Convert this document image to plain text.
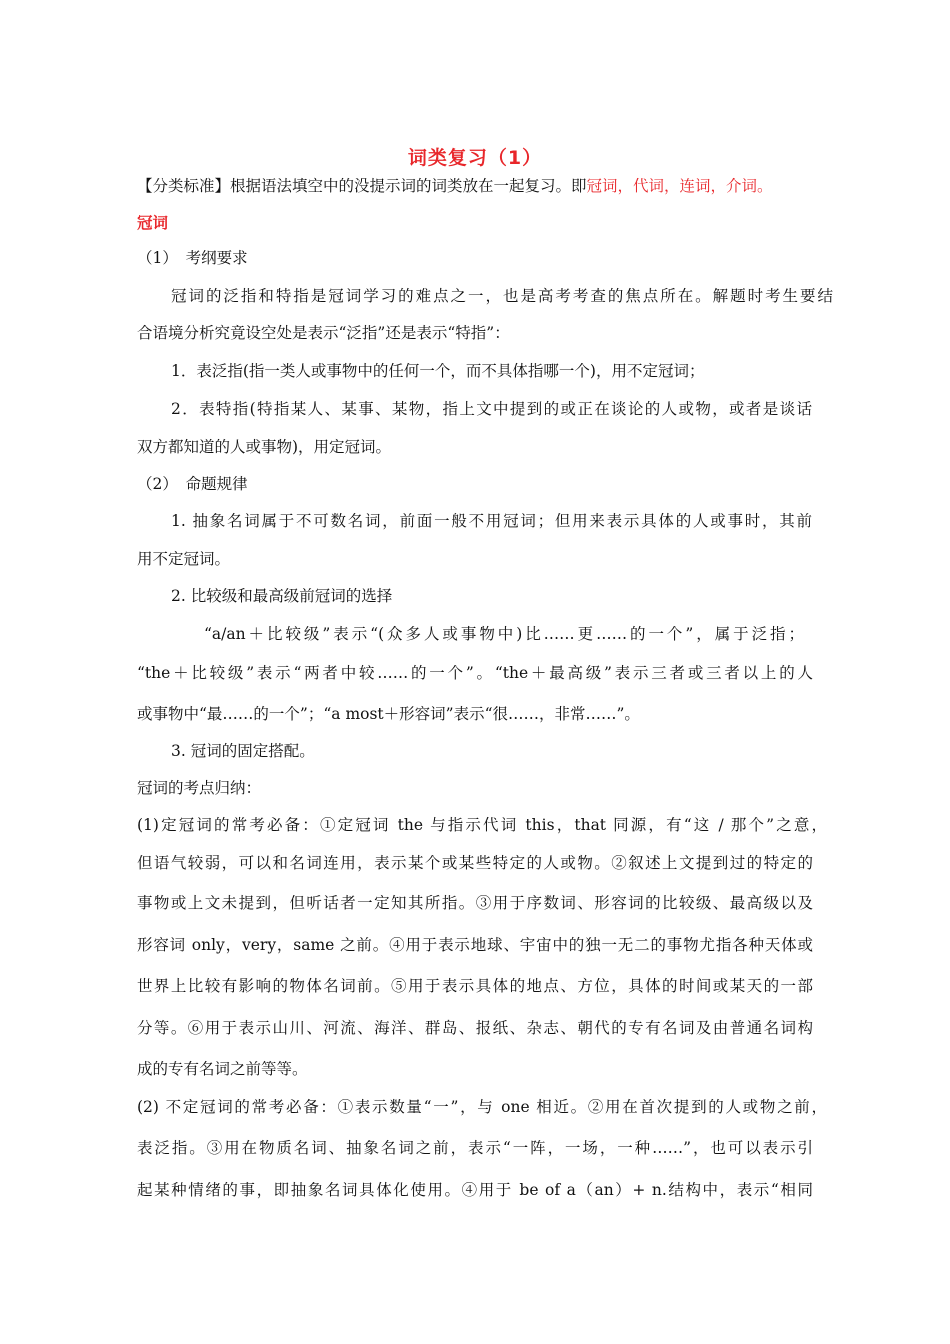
词类复习（1）
【分类标准】根据语法填空中的没提示词的词类放在一起复习。即冠词，代词，连词，介词。
冠词
（1）　考纲要求
冠词的泛指和特指是冠词学习的难点之一，也是高考考查的焦点所在。解题时考生要结
合语境分析究竟设空处是表示“泛指”还是表示“特指”：
1．表泛指(指一类人或事物中的任何一个，而不具体指哪一个)，用不定冠词；
2．表特指(特指某人、某事、某物，指上文中提到的或正在谈论的人或物，或者是谈话
双方都知道的人或事物)，用定冠词。
（2）　命题规律
1. 抽象名词属于不可数名词，前面一般不用冠词；但用来表示具体的人或事时，其前
用不定冠词。
2. 比较级和最高级前冠词的选择
“a/an＋比较级”表示“(众多人或事物中)比……更……的一个”，属于泛指；
“the＋比较级”表示“两者中较……的一个”。“the＋最高级”表示三者或三者以上的人
或事物中“最……的一个”；“a most＋形容词”表示“很……，非常……”。
3. 冠词的固定搭配。
冠词的考点归纳：
(1)定冠词的常考必备：①定冠词 the 与指示代词 this，that 同源，有“这 / 那个”之意，
但语气较弱，可以和名词连用，表示某个或某些特定的人或物。②叙述上文提到过的特定的
事物或上文未提到，但听话者一定知其所指。③用于序数词、形容词的比较级、最高级以及
形容词 only，very，same 之前。④用于表示地球、宇宙中的独一无二的事物尤指各种天体或
世界上比较有影响的物体名词前。⑤用于表示具体的地点、方位，具体的时间或某天的一部
分等。⑥用于表示山川、河流、海洋、群岛、报纸、杂志、朝代的专有名词及由普通名词构
成的专有名词之前等等。
(2) 不定冠词的常考必备：①表示数量“一”，与 one 相近。②用在首次提到的人或物之前，
表泛指。③用在物质名词、抽象名词之前，表示“一阵，一场，一种……”，也可以表示引
起某种情绪的事，即抽象名词具体化使用。④用于 be of a（an）+ n.结构中，表示“相同
